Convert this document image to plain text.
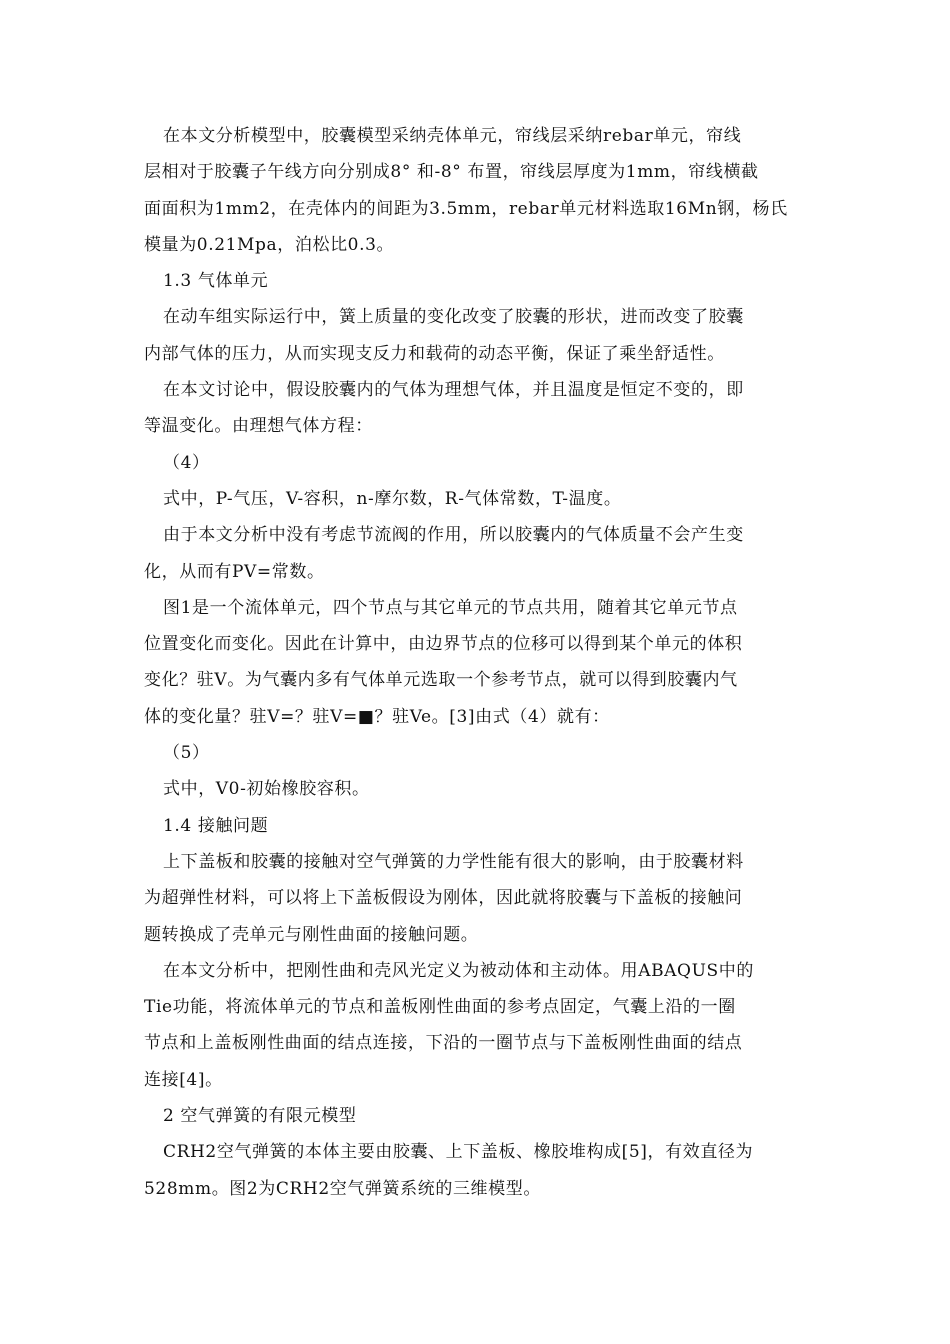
在本文分析模型中，胶囊模型采纳壳体单元，帘线层采纳rebar单元，帘线
层相对于胶囊子午线方向分别成8° 和-8° 布置，帘线层厚度为1mm，帘线横截
面面积为1mm2，在壳体内的间距为3.5mm，rebar单元材料选取16Mn钢，杨氏
模量为0.21Mpa，泊松比0.3。
1.3 气体单元
在动车组实际运行中，簧上质量的变化改变了胶囊的形状，进而改变了胶囊
内部气体的压力，从而实现支反力和载荷的动态平衡，保证了乘坐舒适性。
在本文讨论中，假设胶囊内的气体为理想气体，并且温度是恒定不变的，即
等温变化。由理想气体方程：
（4）
式中，P-气压，V-容积，n-摩尔数，R-气体常数，T-温度。
由于本文分析中没有考虑节流阀的作用，所以胶囊内的气体质量不会产生变
化，从而有PV=常数。
图1是一个流体单元，四个节点与其它单元的节点共用，随着其它单元节点
位置变化而变化。因此在计算中，由边界节点的位移可以得到某个单元的体积
变化？驻V。为气囊内多有气体单元选取一个参考节点，就可以得到胶囊内气
体的变化量？驻V=？驻V=■？驻Ve。[3]由式（4）就有：
（5）
式中，V0-初始橡胶容积。
1.4 接触问题
上下盖板和胶囊的接触对空气弹簧的力学性能有很大的影响，由于胶囊材料
为超弹性材料，可以将上下盖板假设为刚体，因此就将胶囊与下盖板的接触问
题转换成了壳单元与刚性曲面的接触问题。
在本文分析中，把刚性曲和壳风光定义为被动体和主动体。用ABAQUS中的
Tie功能，将流体单元的节点和盖板刚性曲面的参考点固定，气囊上沿的一圈
节点和上盖板刚性曲面的结点连接，下沿的一圈节点与下盖板刚性曲面的结点
连接[4]。
2 空气弹簧的有限元模型
CRH2空气弹簧的本体主要由胶囊、上下盖板、橡胶堆构成[5]，有效直径为
528mm。图2为CRH2空气弹簧系统的三维模型。
